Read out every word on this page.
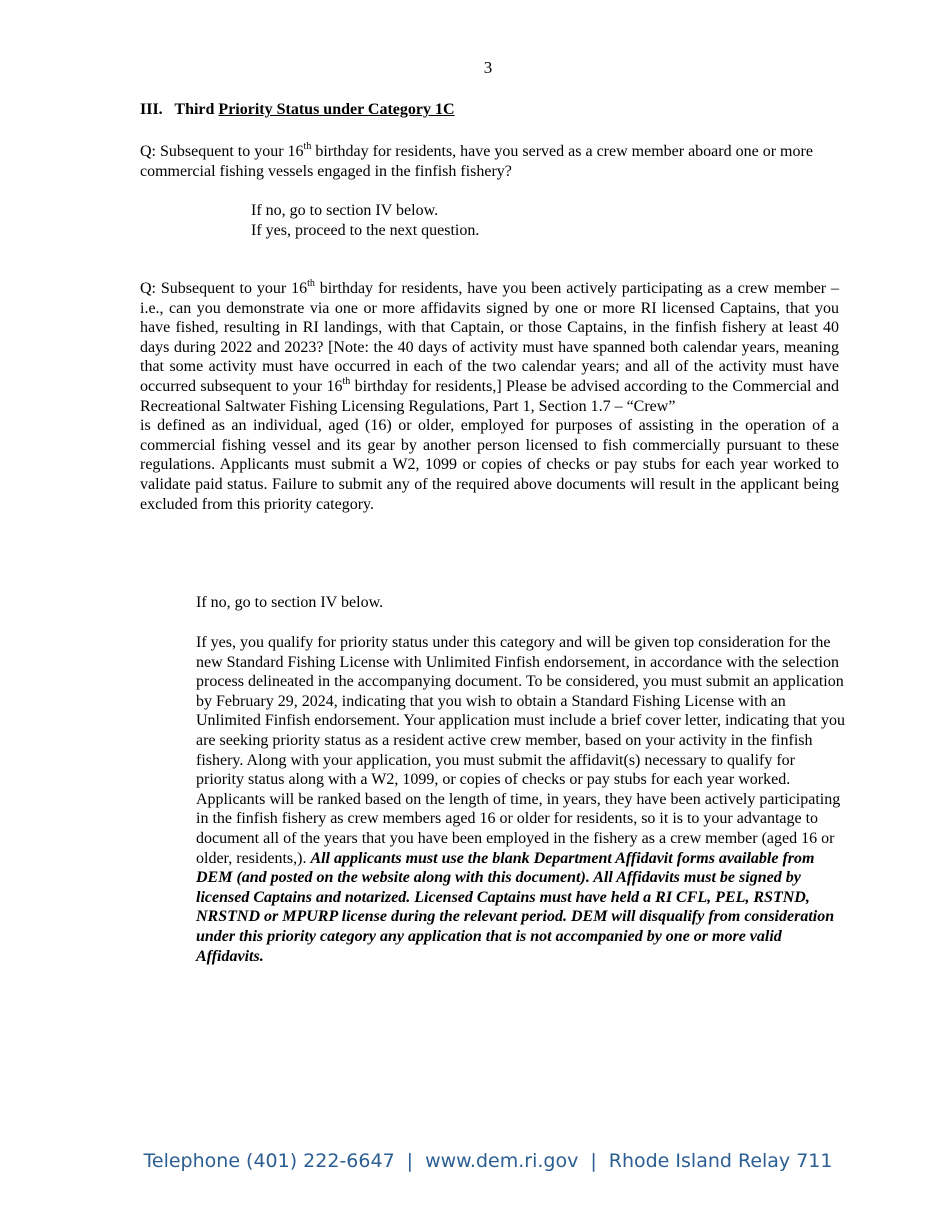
3
III. Third Priority Status under Category 1C
Q: Subsequent to your 16th birthday for residents, have you served as a crew member aboard one or more commercial fishing vessels engaged in the finfish fishery?
If no, go to section IV below.
If yes, proceed to the next question.
Q: Subsequent to your 16th birthday for residents, have you been actively participating as a crew member – i.e., can you demonstrate via one or more affidavits signed by one or more RI licensed Captains, that you have fished, resulting in RI landings, with that Captain, or those Captains, in the finfish fishery at least 40 days during 2022 and 2023? [Note: the 40 days of activity must have spanned both calendar years, meaning that some activity must have occurred in each of the two calendar years; and all of the activity must have occurred subsequent to your 16th birthday for residents,] Please be advised according to the Commercial and Recreational Saltwater Fishing Licensing Regulations, Part 1, Section 1.7 – “Crew”
is defined as an individual, aged (16) or older, employed for purposes of assisting in the operation of a commercial fishing vessel and its gear by another person licensed to fish commercially pursuant to these regulations. Applicants must submit a W2, 1099 or copies of checks or pay stubs for each year worked to validate paid status. Failure to submit any of the required above documents will result in the applicant being excluded from this priority category.
If no, go to section IV below.
If yes, you qualify for priority status under this category and will be given top consideration for the new Standard Fishing License with Unlimited Finfish endorsement, in accordance with the selection process delineated in the accompanying document. To be considered, you must submit an application by February 29, 2024, indicating that you wish to obtain a Standard Fishing License with an Unlimited Finfish endorsement. Your application must include a brief cover letter, indicating that you are seeking priority status as a resident active crew member, based on your activity in the finfish fishery. Along with your application, you must submit the affidavit(s) necessary to qualify for priority status along with a W2, 1099, or copies of checks or pay stubs for each year worked. Applicants will be ranked based on the length of time, in years, they have been actively participating in the finfish fishery as crew members aged 16 or older for residents, so it is to your advantage to document all of the years that you have been employed in the fishery as a crew member (aged 16 or older, residents,). All applicants must use the blank Department Affidavit forms available from DEM (and posted on the website along with this document). All Affidavits must be signed by licensed Captains and notarized. Licensed Captains must have held a RI CFL, PEL, RSTND, NRSTND or MPURP license during the relevant period. DEM will disqualify from consideration under this priority category any application that is not accompanied by one or more valid Affidavits.
Telephone (401) 222-6647 | www.dem.ri.gov | Rhode Island Relay 711
